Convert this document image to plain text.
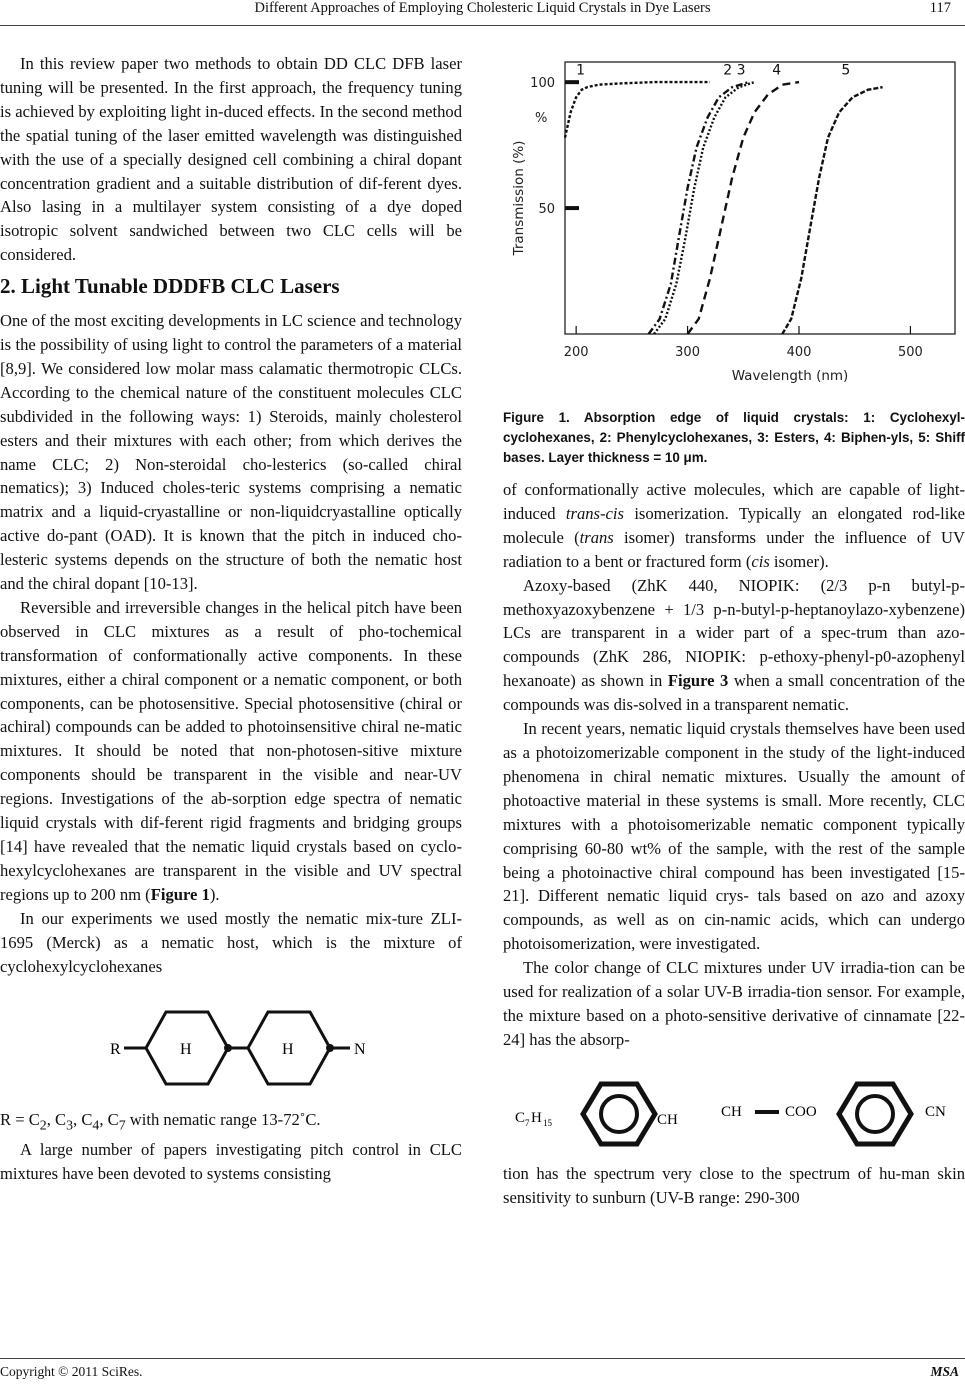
Different Approaches of Employing Cholesteric Liquid Crystals in Dye Lasers	117

In this review paper two methods to obtain DD CLC DFB laser tuning will be presented. In the first approach, the frequency tuning is achieved by exploiting light in-duced effects. In the second method the spatial tuning of the laser emitted wavelength was distinguished with the use of a specially designed cell combining a chiral dopant concentration gradient and a suitable distribution of dif-ferent dyes. Also lasing in a multilayer system consisting of a dye doped isotropic solvent sandwiched between two CLC cells will be considered.

2. Light Tunable DDDFB CLC Lasers

One of the most exciting developments in LC science and technology is the possibility of using light to control the parameters of a material [8,9]. We considered low molar mass calamatic thermotropic CLCs. According to the chemical nature of the constituent molecules CLC subdivided in the following ways: 1) Steroids, mainly cholesterol esters and their mixtures with each other; from which derives the name CLC; 2) Non-steroidal cho-lesterics (so-called chiral nematics); 3) Induced choles-teric systems comprising a nematic matrix and a liquid-cryastalline or non-liquidcryastalline optically active do-pant (OAD). It is known that the pitch in induced cho-lesteric systems depends on the structure of both the nematic host and the chiral dopant [10-13].

Reversible and irreversible changes in the helical pitch have been observed in CLC mixtures as a result of pho-tochemical transformation of conformationally active components. In these mixtures, either a chiral component or a nematic component, or both components, can be photosensitive. Special photosensitive (chiral or achiral) compounds can be added to photoinsensitive chiral ne-matic mixtures. It should be noted that non-photosen-sitive mixture components should be transparent in the visible and near-UV regions. Investigations of the ab-sorption edge spectra of nematic liquid crystals with dif-ferent rigid fragments and bridging groups [14] have revealed that the nematic liquid crystals based on cyclo-hexylcyclohexanes are transparent in the visible and UV spectral regions up to 200 nm (Figure 1).

In our experiments we used mostly the nematic mix-ture ZLI-1695 (Merck) as a nematic host, which is the mixture of cyclohexylcyclohexanes

R	H	H	N

$R = C_2$, $C_3$, $C_4$, $C_7$ with nematic range 13-72˚C.

A large number of papers investigating pitch control in CLC mixtures have been devoted to systems consisting

200	300	400	500
50
100
%
Wavelength (nm)
Transmission (%)
1	2 3 4	5
Figure 1. Absorption edge of liquid crystals: 1: Cyclohexyl-cyclohexanes, 2: Phenylcyclohexanes, 3: Esters, 4: Biphen-yls, 5: Shiff bases. Layer thickness = 10 μm.

of conformationally active molecules, which are capable of light-induced trans-cis isomerization. Typically an elongated rod-like molecule (trans isomer) transforms under the influence of UV radiation to a bent or fractured form (cis isomer).

Azoxy-based (ZhK 440, NIOPIK: (2/3 p-n butyl-p-methoxyazoxybenzene + 1/3 p-n-butyl-p-heptanoylazo-xybenzene) LCs are transparent in a wider part of a spec-trum than azo-compounds (ZhK 286, NIOPIK: p-ethoxy-phenyl-p0-azophenyl hexanoate) as shown in Figure 3 when a small concentration of the compounds was dis-solved in a transparent nematic.

In recent years, nematic liquid crystals themselves have been used as a photoizomerizable component in the study of the light-induced phenomena in chiral nematic mixtures. Usually the amount of photoactive material in these systems is small. More recently, CLC mixtures with a photoisomerizable nematic component typically comprising 60-80 wt% of the sample, with the rest of the sample being a photoinactive chiral compound has been investigated [15-21]. Different nematic liquid crys- tals based on azo and azoxy compounds, as well as on cin-namic acids, which can undergo photoisomerization, were investigated.

The color change of CLC mixtures under UV irradia-tion can be used for realization of a solar UV-B irradia-tion sensor. For example, the mixture based on a photo-sensitive derivative of cinnamate [22-24] has the absorp-

C 7 H 15	CH	CH	COO	CN

tion has the spectrum very close to the spectrum of hu-man skin sensitivity to sunburn (UV-B range: 290-300

Copyright © 2011 SciRes.	MSA
